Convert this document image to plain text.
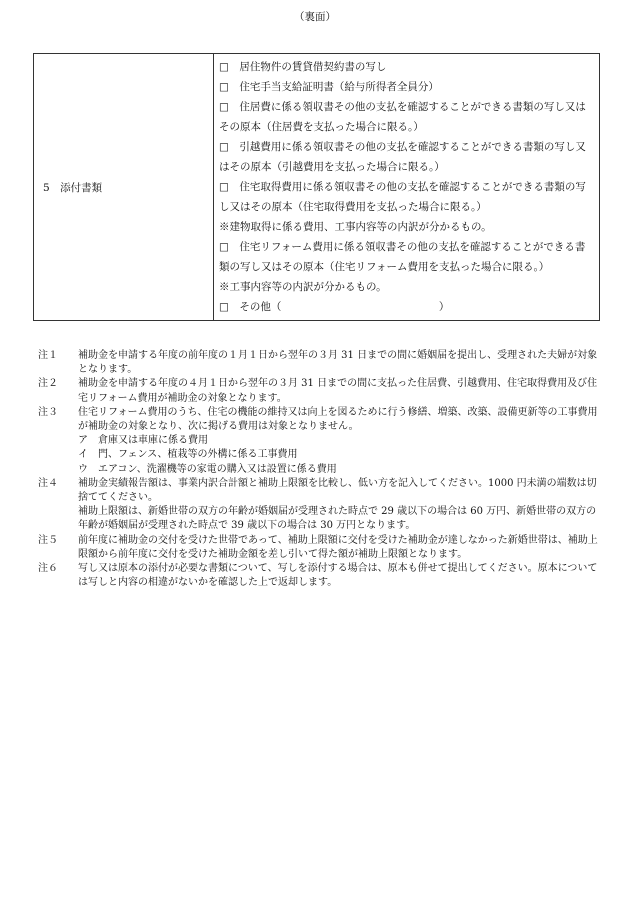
（裏面）
5　添付書類	
□　居住物件の賃貸借契約書の写し
□　住宅手当支給証明書（給与所得者全員分）
□　住居費に係る領収書その他の支払を確認することができる書類の写し又はその原本（住居費を支払った場合に限る。）
□　引越費用に係る領収書その他の支払を確認することができる書類の写し又はその原本（引越費用を支払った場合に限る。）
□　住宅取得費用に係る領収書その他の支払を確認することができる書類の写し又はその原本（住宅取得費用を支払った場合に限る。）
※建物取得に係る費用、工事内容等の内訳が分かるもの。
□　住宅リフォーム費用に係る領収書その他の支払を確認することができる書類の写し又はその原本（住宅リフォーム費用を支払った場合に限る。）
※工事内容等の内訳が分かるもの。
□　その他（　　　　　　　　　　　　　　　）
注１	補助金を申請する年度の前年度の１月１日から翌年の３月 31 日までの間に婚姻届を提出し、受理された夫婦が対象となります。
注２	補助金を申請する年度の４月１日から翌年の３月 31 日までの間に支払った住居費、引越費用、住宅取得費用及び住宅リフォーム費用が補助金の対象となります。
注３	住宅リフォーム費用のうち、住宅の機能の維持又は向上を図るために行う修繕、増築、改築、設備更新等の工事費用が補助金の対象となり、次に掲げる費用は対象となりません。
ア　倉庫又は車庫に係る費用
イ　門、フェンス、植栽等の外構に係る工事費用
ウ　エアコン、洗濯機等の家電の購入又は設置に係る費用
注４	補助金実績報告額は、事業内訳合計額と補助上限額を比較し、低い方を記入してください。1000 円未満の端数は切捨ててください。
補助上限額は、新婚世帯の双方の年齢が婚姻届が受理された時点で 29 歳以下の場合は 60 万円、新婚世帯の双方の年齢が婚姻届が受理された時点で 39 歳以下の場合は 30 万円となります。
注５	前年度に補助金の交付を受けた世帯であって、補助上限額に交付を受けた補助金が達しなかった新婚世帯は、補助上限額から前年度に交付を受けた補助金額を差し引いて得た額が補助上限額となります。
注６	写し又は原本の添付が必要な書類について、写しを添付する場合は、原本も併せて提出してください。原本については写しと内容の相違がないかを確認した上で返却します。
